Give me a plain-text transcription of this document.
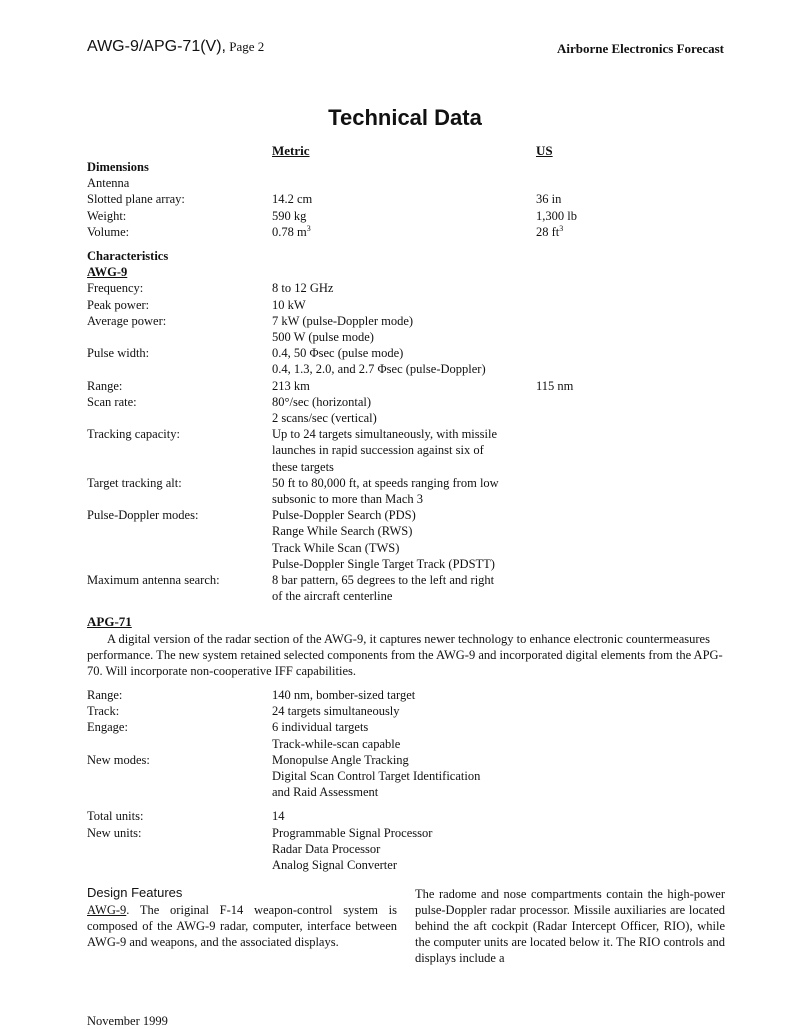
AWG-9/APG-71(V), Page 2	Airborne Electronics Forecast
Technical Data
Metric	US
Dimensions
Antenna
Slotted plane array:	14.2 cm	36 in
Weight:	590 kg	1,300 lb
Volume:	0.78 $m^3$	28 $ft^3$
Characteristics
AWG-9
Frequency:	8 to 12 GHz
Peak power:	10 kW
Average power:	7 kW (pulse-Doppler mode)
500 W (pulse mode)
Pulse width:	0.4, 50 Φsec (pulse mode)
0.4, 1.3, 2.0, and 2.7 Φsec (pulse-Doppler)
Range:	213 km	115 nm
Scan rate:	80°/sec (horizontal)
2 scans/sec (vertical)
Tracking capacity:	Up to 24 targets simultaneously, with missile
launches in rapid succession against six of
these targets
Target tracking alt:	50 ft to 80,000 ft, at speeds ranging from low
subsonic to more than Mach 3
Pulse-Doppler modes:	Pulse-Doppler Search (PDS)
Range While Search (RWS)
Track While Scan (TWS)
Pulse-Doppler Single Target Track (PDSTT)
Maximum antenna search:	8 bar pattern, 65 degrees to the left and right
of the aircraft centerline
APG-71
A digital version of the radar section of the AWG-9, it captures newer technology to enhance electronic countermeasures performance. The new system retained selected components from the AWG-9 and incorporated digital elements from the APG-70. Will incorporate non-cooperative IFF capabilities.
Range:	140 nm, bomber-sized target
Track:	24 targets simultaneously
Engage:	6 individual targets
Track-while-scan capable
New modes:	Monopulse Angle Tracking
Digital Scan Control Target Identification
and Raid Assessment
Total units:	14
New units:	Programmable Signal Processor
Radar Data Processor
Analog Signal Converter
Design Features
AWG-9. The original F-14 weapon-control system is composed of the AWG-9 radar, computer, interface between AWG-9 and weapons, and the associated displays.
The radome and nose compartments contain the high-power pulse-Doppler radar processor. Missile auxiliaries are located behind the aft cockpit (Radar Intercept Officer, RIO), while the computer units are located below it. The RIO controls and displays include a
November 1999
